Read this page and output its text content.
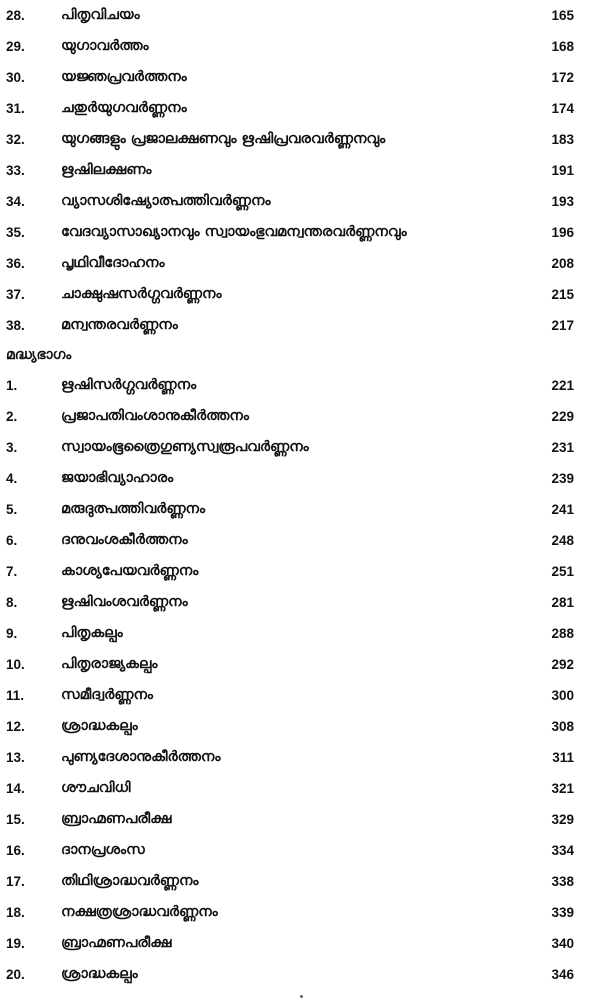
28. പിതൃവിചയം	165
29. യുഗാവർത്തം	168
30. യജ്ഞപ്രവർത്തനം	172
31. ചതുർയുഗവർണ്ണനം	174
32. യുഗങ്ങളും പ്രജാലക്ഷണവും ഋഷിപ്രവരവർണ്ണനവും	183
33. ഋഷിലക്ഷണം	191
34. വ്യാസശിഷ്യോത്പത്തിവർണ്ണനം	193
35. വേദവ്യാസാഖ്യാനവും സ്വായംഭുവമന്വന്തരവർണ്ണനവും	196
36. പൃഥിവീദോഹനം	208
37. ചാക്ഷുഷസർഗ്ഗവർണ്ണനം	215
38. മന്വന്തരവർണ്ണനം	217
മദ്ധ്യഭാഗം
1.	ഋഷിസർഗ്ഗവർണ്ണനം	221
2.	പ്രജാപതിവംശാനുകീർത്തനം	229
3.	സ്വായംഭൂത്രൈഗുണ്യസ്വരൂപവർണ്ണനം	231
4.	ജയാഭിവ്യാഹാരം	239
5.	മരുദുത്പത്തിവർണ്ണനം	241
6.	ദനുവംശകീർത്തനം	248
7.	കാശ്യപേയവർണ്ണനം	251
8.	ഋഷിവംശവർണ്ണനം	281
9.	പിതൃകല്പം	288
10. പിതൃരാജ്യകല്പം	292
11.	സമീദ്വർണ്ണനം	300
12. ശ്രാദ്ധകല്പം	308
13. പുണ്യദേശാനുകീർത്തനം	311
14. ശൗചവിധി	321
15. ബ്രാഹ്മണപരീക്ഷ	329
16. ദാനപ്രശംസ	334
17. തിഥിശ്രാദ്ധവർണ്ണനം	338
18. നക്ഷത്രശ്രാദ്ധവർണ്ണനം	339
19. ബ്രാഹ്മണപരീക്ഷ	340
20. ശ്രാദ്ധകല്പം	346
